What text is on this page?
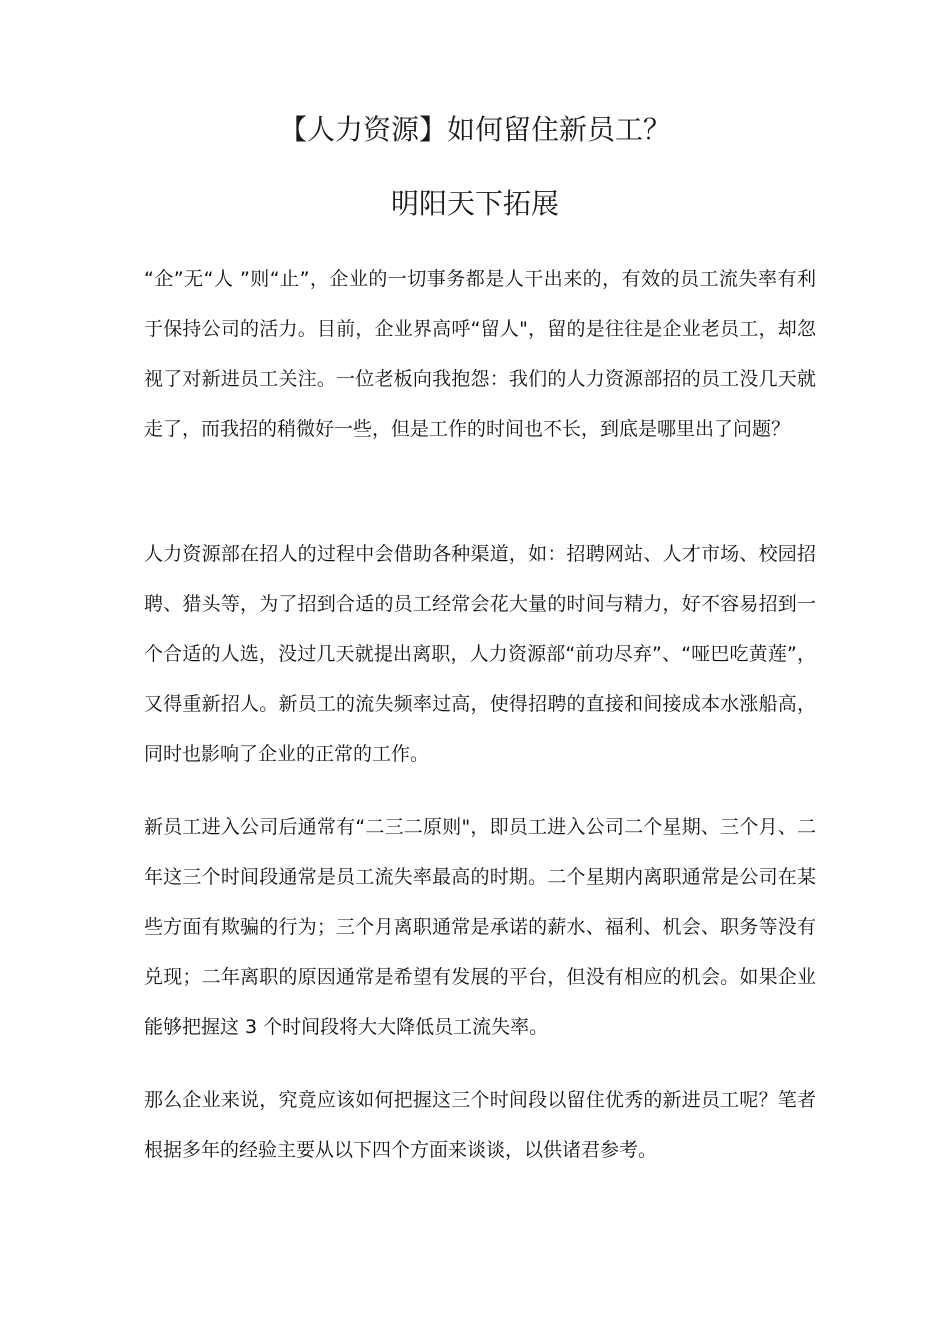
【人力资源】如何留住新员工？
明阳天下拓展

“企”无“人 ”则“止”，企业的一切事务都是人干出来的，有效的员工流失率有利于保持公司的活力。目前，企业界高呼“留人"，留的是往往是企业老员工，却忽视了对新进员工关注。一位老板向我抱怨：我们的人力资源部招的员工没几天就走了，而我招的稍微好一些，但是工作的时间也不长，到底是哪里出了问题？

人力资源部在招人的过程中会借助各种渠道，如：招聘网站、人才市场、校园招聘、猎头等，为了招到合适的员工经常会花大量的时间与精力，好不容易招到一个合适的人选，没过几天就提出离职，人力资源部“前功尽弃”、“哑巴吃黄莲”，又得重新招人。新员工的流失频率过高，使得招聘的直接和间接成本水涨船高，同时也影响了企业的正常的工作。

新员工进入公司后通常有“二三二原则"，即员工进入公司二个星期、三个月、二年这三个时间段通常是员工流失率最高的时期。二个星期内离职通常是公司在某些方面有欺骗的行为；三个月离职通常是承诺的薪水、福利、机会、职务等没有兑现；二年离职的原因通常是希望有发展的平台，但没有相应的机会。如果企业能够把握这 3 个时间段将大大降低员工流失率。

那么企业来说，究竟应该如何把握这三个时间段以留住优秀的新进员工呢？笔者根据多年的经验主要从以下四个方面来谈谈，以供诸君参考。
